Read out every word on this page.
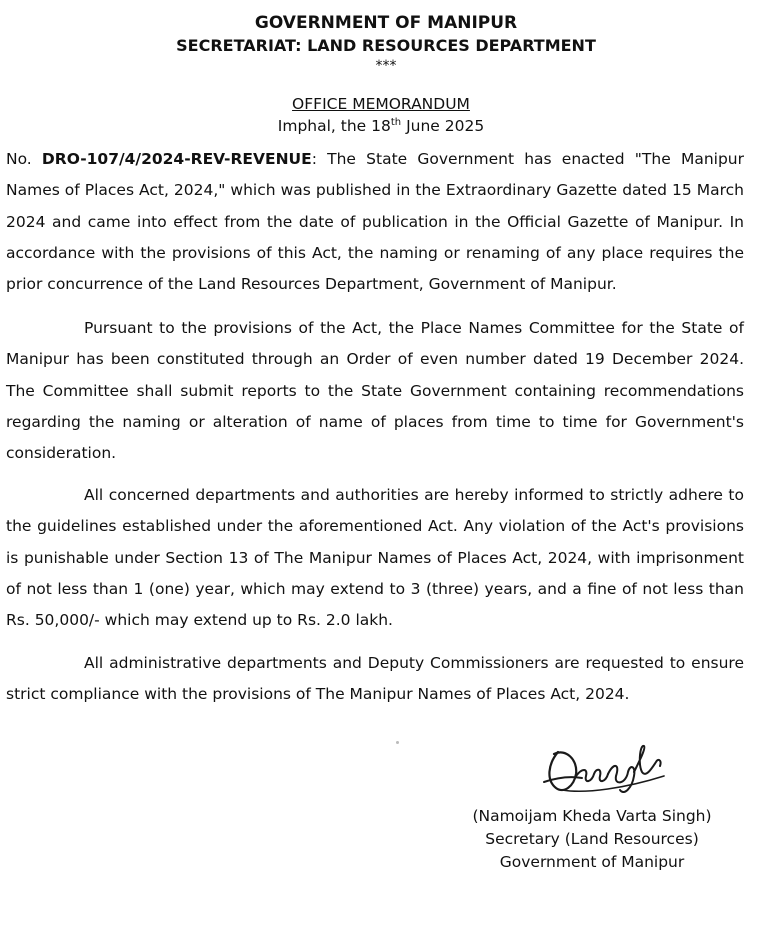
GOVERNMENT OF MANIPUR
SECRETARIAT: LAND RESOURCES DEPARTMENT
***
OFFICE MEMORANDUM
Imphal, the 18th June 2025
No. DRO-107/4/2024-REV-REVENUE: The State Government has enacted "The Manipur Names of Places Act, 2024," which was published in the Extraordinary Gazette dated 15 March 2024 and came into effect from the date of publication in the Official Gazette of Manipur. In accordance with the provisions of this Act, the naming or renaming of any place requires the prior concurrence of the Land Resources Department, Government of Manipur.
Pursuant to the provisions of the Act, the Place Names Committee for the State of Manipur has been constituted through an Order of even number dated 19 December 2024. The Committee shall submit reports to the State Government containing recommendations regarding the naming or alteration of name of places from time to time for Government's consideration.
All concerned departments and authorities are hereby informed to strictly adhere to the guidelines established under the aforementioned Act. Any violation of the Act's provisions is punishable under Section 13 of The Manipur Names of Places Act, 2024, with imprisonment of not less than 1 (one) year, which may extend to 3 (three) years, and a fine of not less than Rs. 50,000/- which may extend up to Rs. 2.0 lakh.
All administrative departments and Deputy Commissioners are requested to ensure strict compliance with the provisions of The Manipur Names of Places Act, 2024.
(Namoijam Kheda Varta Singh)
Secretary (Land Resources)
Government of Manipur
